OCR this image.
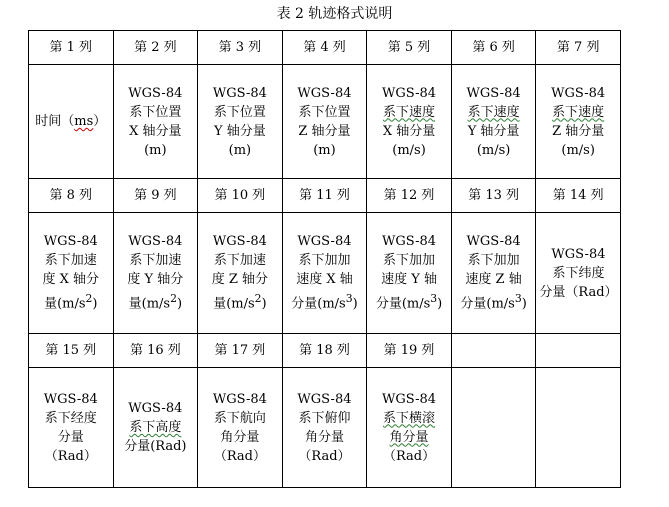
表 2 轨迹格式说明
第 1 列	第 2 列	第 3 列	第 4 列	第 5 列	第 6 列	第 7 列
时间（ms）	WGS-84
系下位置
X 轴分量
(m)	WGS-84
系下位置
Y 轴分量
(m)	WGS-84
系下位置
Z 轴分量
(m)	WGS-84
系下速度
X 轴分量
(m/s)	WGS-84
系下速度
Y 轴分量
(m/s)	WGS-84
系下速度
Z 轴分量
(m/s)

第 8 列	第 9 列	第 10 列	第 11 列	第 12 列	第 13 列	第 14 列

WGS-84
系下加速
度 X 轴分
量$(m/s^2)$	WGS-84
系下加速
度 Y 轴分
量$(m/s^2)$	WGS-84
系下加速
度 Z 轴分
量$(m/s^2)$	WGS-84
系下加加
速度 X 轴
分量$(m/s^3)$	WGS-84
系下加加
速度 Y 轴
分量$(m/s^3)$	WGS-84
系下加加
速度 Z 轴
分量$(m/s^3)$	WGS-84
系下纬度
分量（Rad）

第 15 列	第 16 列	第 17 列	第 18 列	第 19 列		

WGS-84
系下经度
分量
（Rad）	WGS-84
系下高度
分量(Rad)	WGS-84
系下航向
角分量
（Rad）	WGS-84
系下俯仰
角分量
（Rad）	WGS-84
系下横滚
角分量
（Rad）		
